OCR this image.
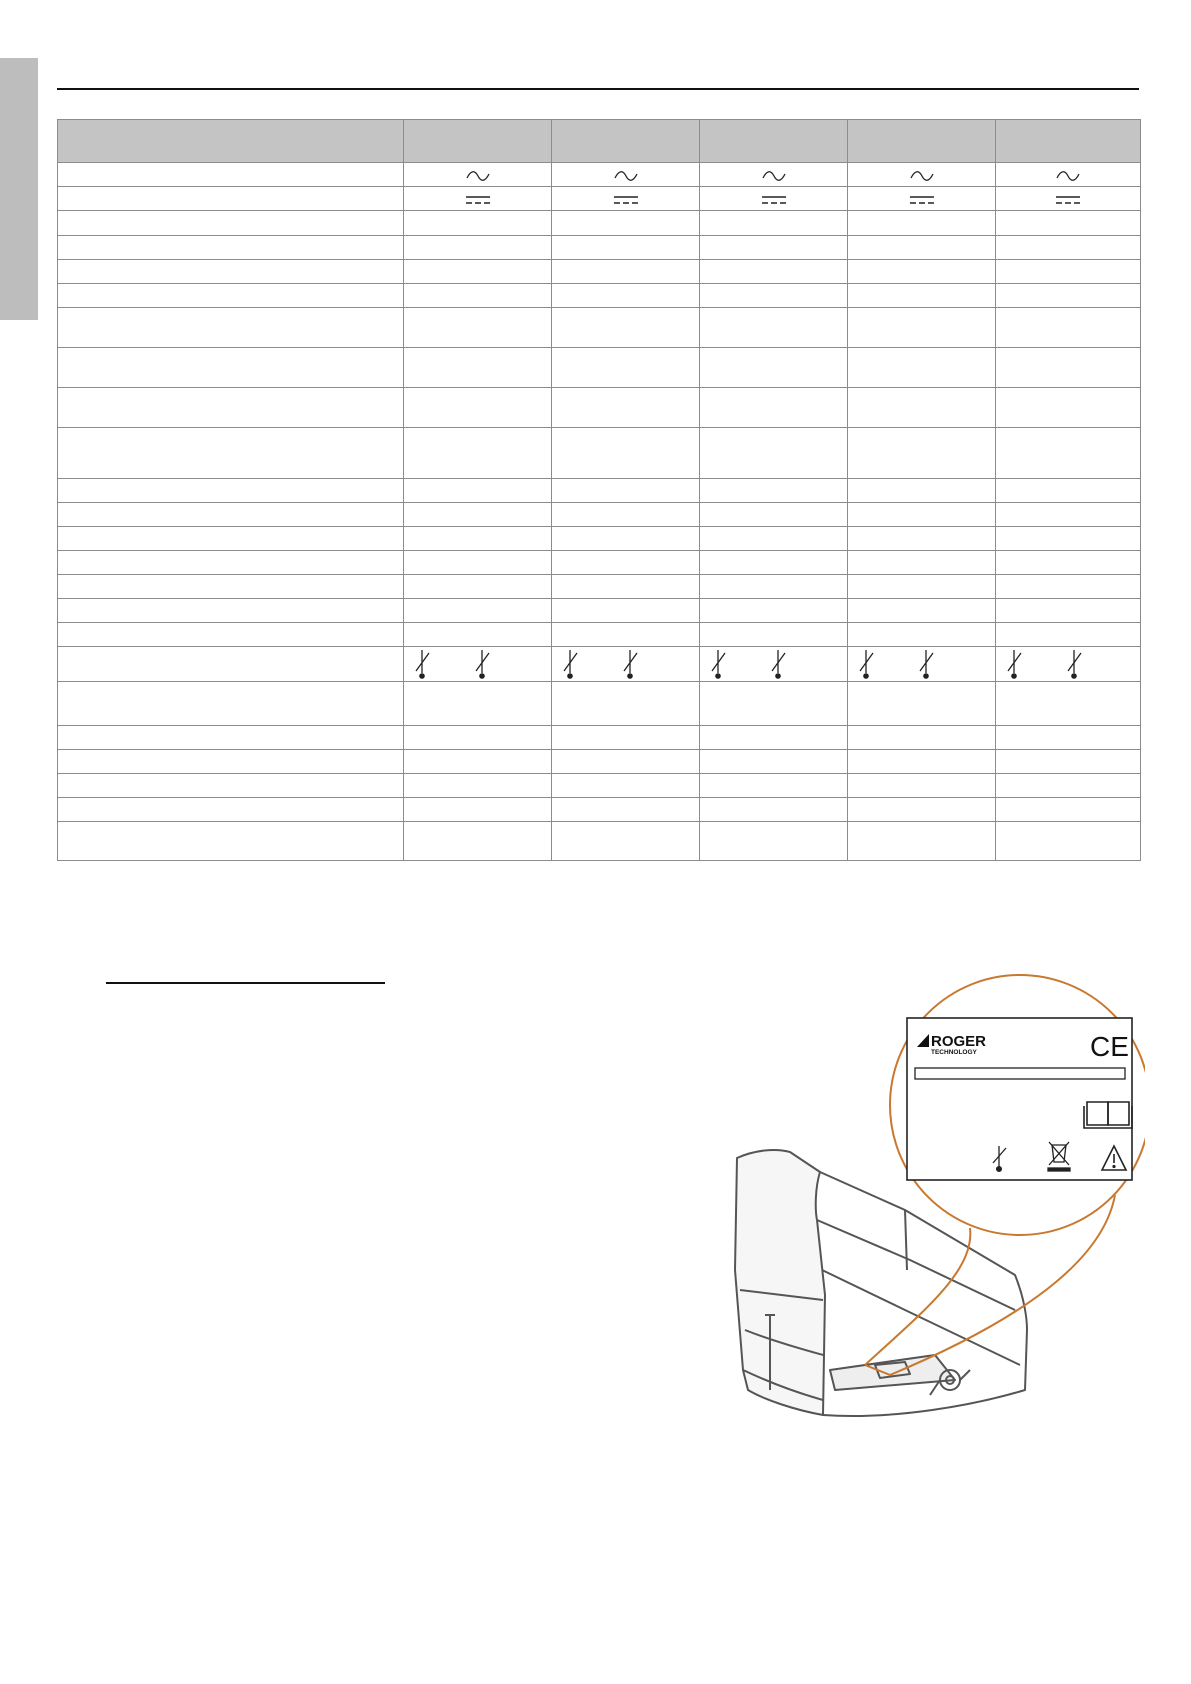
ROGER
TECHNOLOGY	CE
